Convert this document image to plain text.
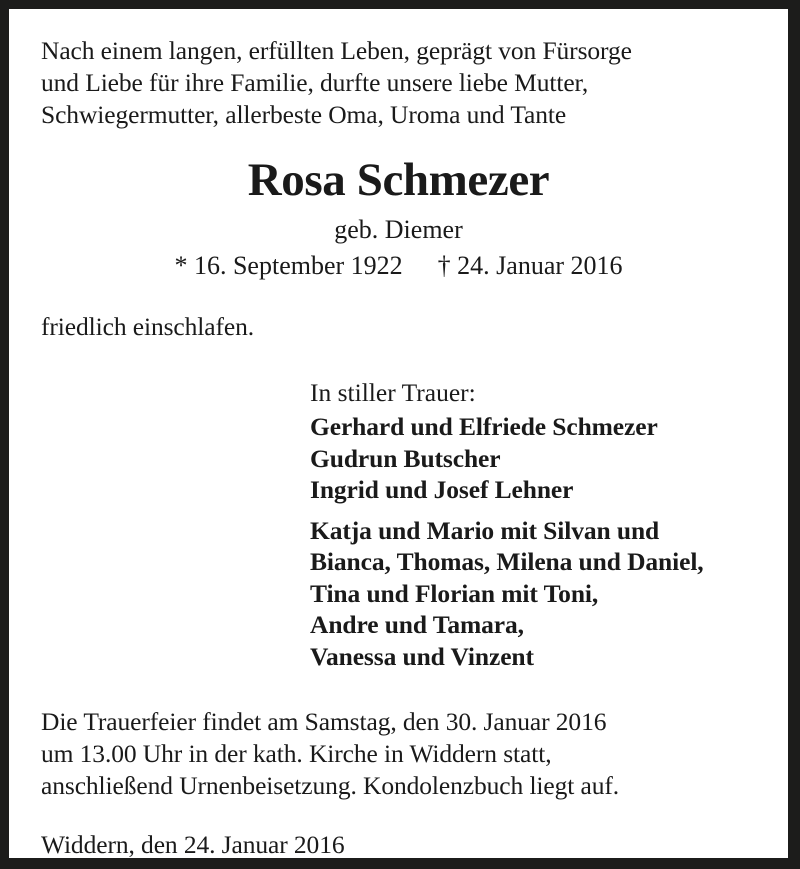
Nach einem langen, erfüllten Leben, geprägt von Fürsorge
und Liebe für ihre Familie, durfte unsere liebe Mutter,
Schwiegermutter, allerbeste Oma, Uroma und Tante
Rosa Schmezer
geb. Diemer
* 16. September 1922 † 24. Januar 2016
friedlich einschlafen.
In stiller Trauer:
Gerhard und Elfriede Schmezer
Gudrun Butscher
Ingrid und Josef Lehner
Katja und Mario mit Silvan und
Bianca, Thomas, Milena und Daniel,
Tina und Florian mit Toni,
Andre und Tamara,
Vanessa und Vinzent
Die Trauerfeier findet am Samstag, den 30. Januar 2016
um 13.00 Uhr in der kath. Kirche in Widdern statt,
anschließend Urnenbeisetzung. Kondolenzbuch liegt auf.
Widdern, den 24. Januar 2016
